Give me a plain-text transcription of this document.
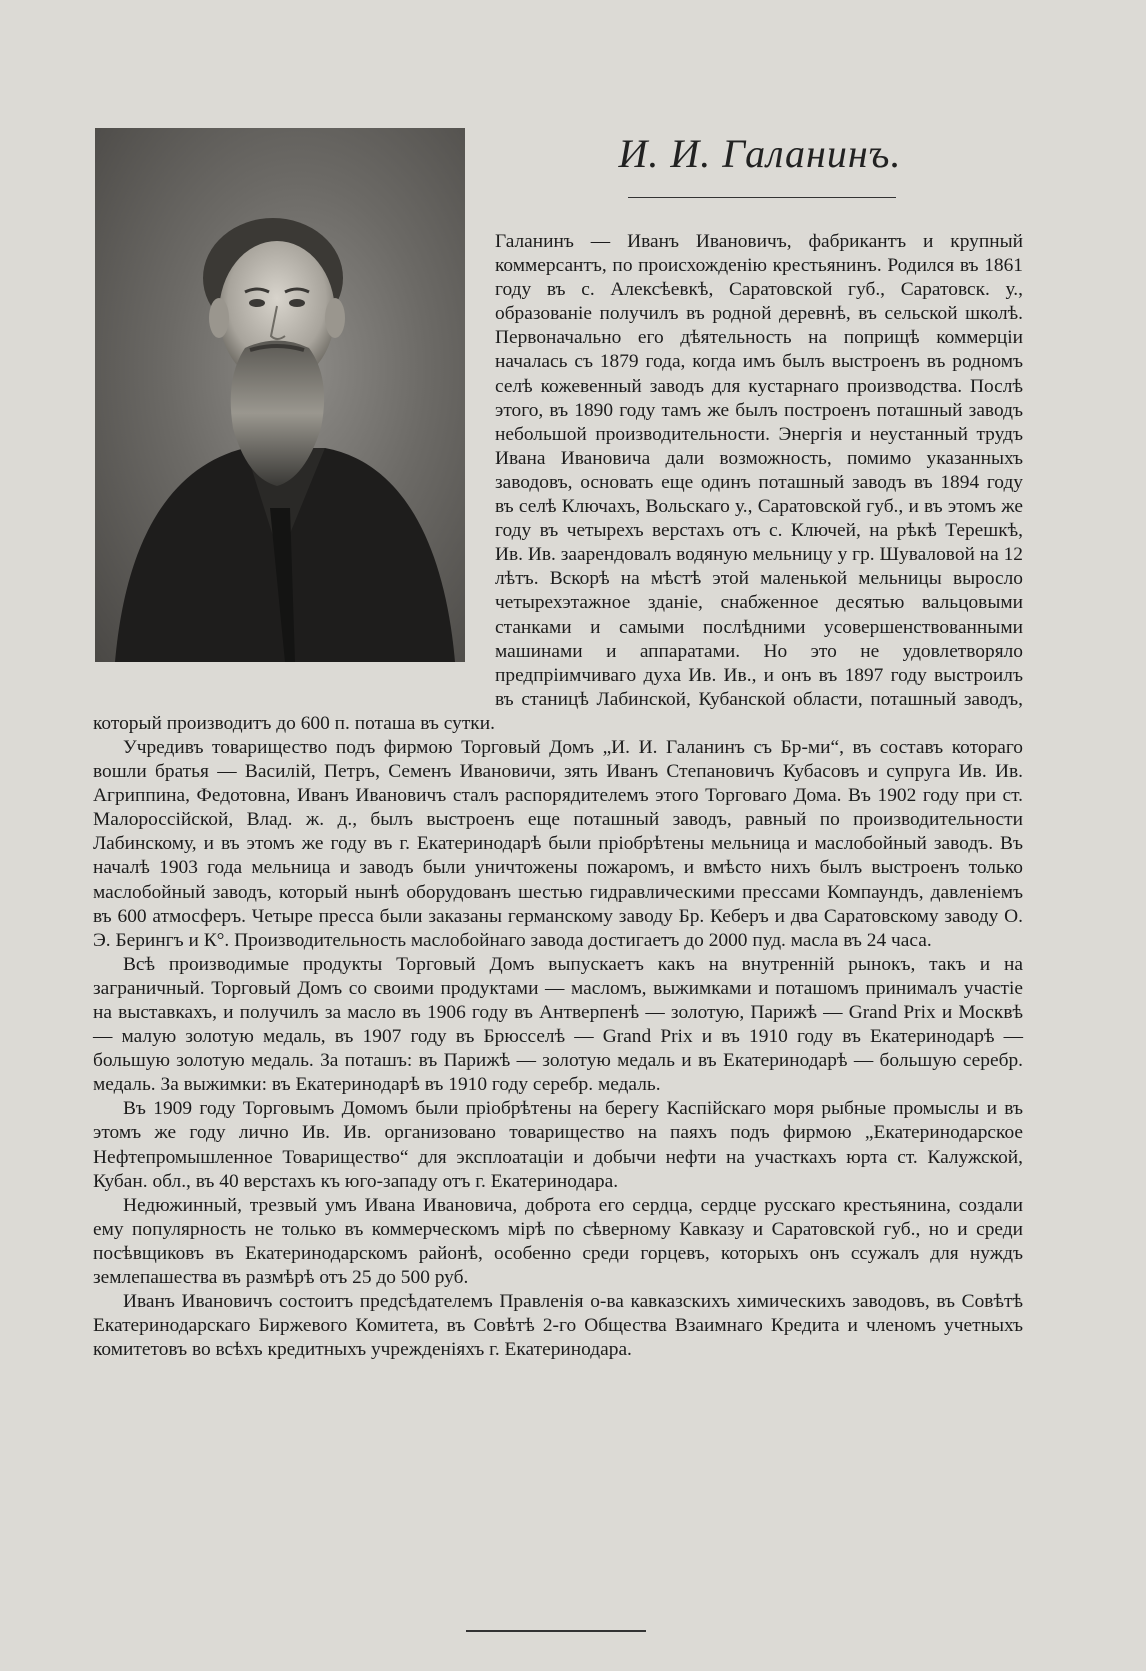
И. И. Галанинъ.

Галанинъ — Иванъ Ивановичъ, фабрикантъ и крупный коммерсантъ, по происхожденію крестьянинъ. Родился въ 1861 году въ с. Алексѣевкѣ, Саратовской губ., Саратовск. у., образованіе получилъ въ родной деревнѣ, въ сельской школѣ. Первоначально его дѣятельность на поприщѣ коммерціи началась съ 1879 года, когда имъ былъ выстроенъ въ родномъ селѣ кожевенный заводъ для кустарнаго производства. Послѣ этого, въ 1890 году тамъ же былъ построенъ поташный заводъ небольшой производительности. Энергія и неустанный трудъ Ивана Ивановича дали возможность, помимо указанныхъ заводовъ, основать еще одинъ поташный заводъ въ 1894 году въ селѣ Ключахъ, Вольскаго у., Саратовской губ., и въ этомъ же году въ четырехъ верстахъ отъ с. Ключей, на рѣкѣ Терешкѣ, Ив. Ив. заарендовалъ водяную мельницу у гр. Шуваловой на 12 лѣтъ. Вскорѣ на мѣстѣ этой маленькой мельницы выросло четырехэтажное зданіе, снабженное десятью вальцовыми станками и самыми послѣдними усовершенствованными машинами и аппаратами. Но это не удовлетворяло предпріимчиваго духа Ив. Ив., и онъ въ 1897 году выстроилъ въ станицѣ Лабинской, Кубанской области, поташный заводъ, который производитъ до 600 п. поташа въ сутки.

Учредивъ товарищество подъ фирмою Торговый Домъ „И. И. Галанинъ съ Бр-ми“, въ составъ котораго вошли братья — Василій, Петръ, Семенъ Ивановичи, зять Иванъ Степановичъ Кубасовъ и супруга Ив. Ив. Агриппина, Федотовна, Иванъ Ивановичъ сталъ распорядителемъ этого Торговаго Дома. Въ 1902 году при ст. Малороссійской, Влад. ж. д., былъ выстроенъ еще поташный заводъ, равный по производительности Лабинскому, и въ этомъ же году въ г. Екатеринодарѣ были пріобрѣтены мельница и маслобойный заводъ. Въ началѣ 1903 года мельница и заводъ были уничтожены пожаромъ, и вмѣсто нихъ былъ выстроенъ только маслобойный заводъ, который нынѣ оборудованъ шестью гидравлическими прессами Компаундъ, давленіемъ въ 600 атмосферъ. Четыре пресса были заказаны германскому заводу Бр. Кеберъ и два Саратовскому заводу О. Э. Берингъ и К°. Производительность маслобойнаго завода достигаетъ до 2000 пуд. масла въ 24 часа.

Всѣ производимые продукты Торговый Домъ выпускаетъ какъ на внутренній рынокъ, такъ и на заграничный. Торговый Домъ со своими продуктами — масломъ, выжимками и поташомъ принималъ участіе на выставкахъ, и получилъ за масло въ 1906 году въ Антверпенѣ — золотую, Парижѣ — Grand Prix и Москвѣ — малую золотую медаль, въ 1907 году въ Брюсселѣ — Grand Prix и въ 1910 году въ Екатеринодарѣ — большую золотую медаль. За поташъ: въ Парижѣ — золотую медаль и въ Екатеринодарѣ — большую серебр. медаль. За выжимки: въ Екатеринодарѣ въ 1910 году серебр. медаль.

Въ 1909 году Торговымъ Домомъ были пріобрѣтены на берегу Каспійскаго моря рыбные промыслы и въ этомъ же году лично Ив. Ив. организовано товарищество на паяхъ подъ фирмою „Екатеринодарское Нефтепромышленное Товарищество“ для эксплоатаціи и добычи нефти на участкахъ юрта ст. Калужской, Кубан. обл., въ 40 верстахъ къ юго-западу отъ г. Екатеринодара.

Недюжинный, трезвый умъ Ивана Ивановича, доброта его сердца, сердце русскаго крестьянина, создали ему популярность не только въ коммерческомъ мірѣ по сѣверному Кавказу и Саратовской губ., но и среди посѣвщиковъ въ Екатеринодарскомъ районѣ, особенно среди горцевъ, которыхъ онъ ссужалъ для нуждъ землепашества въ размѣрѣ отъ 25 до 500 руб.

Иванъ Ивановичъ состоитъ предсѣдателемъ Правленія о-ва кавказскихъ химическихъ заводовъ, въ Совѣтѣ Екатеринодарскаго Биржевого Комитета, въ Совѣтѣ 2-го Общества Взаимнаго Кредита и членомъ учетныхъ комитетовъ во всѣхъ кредитныхъ учрежденіяхъ г. Екатеринодара.
